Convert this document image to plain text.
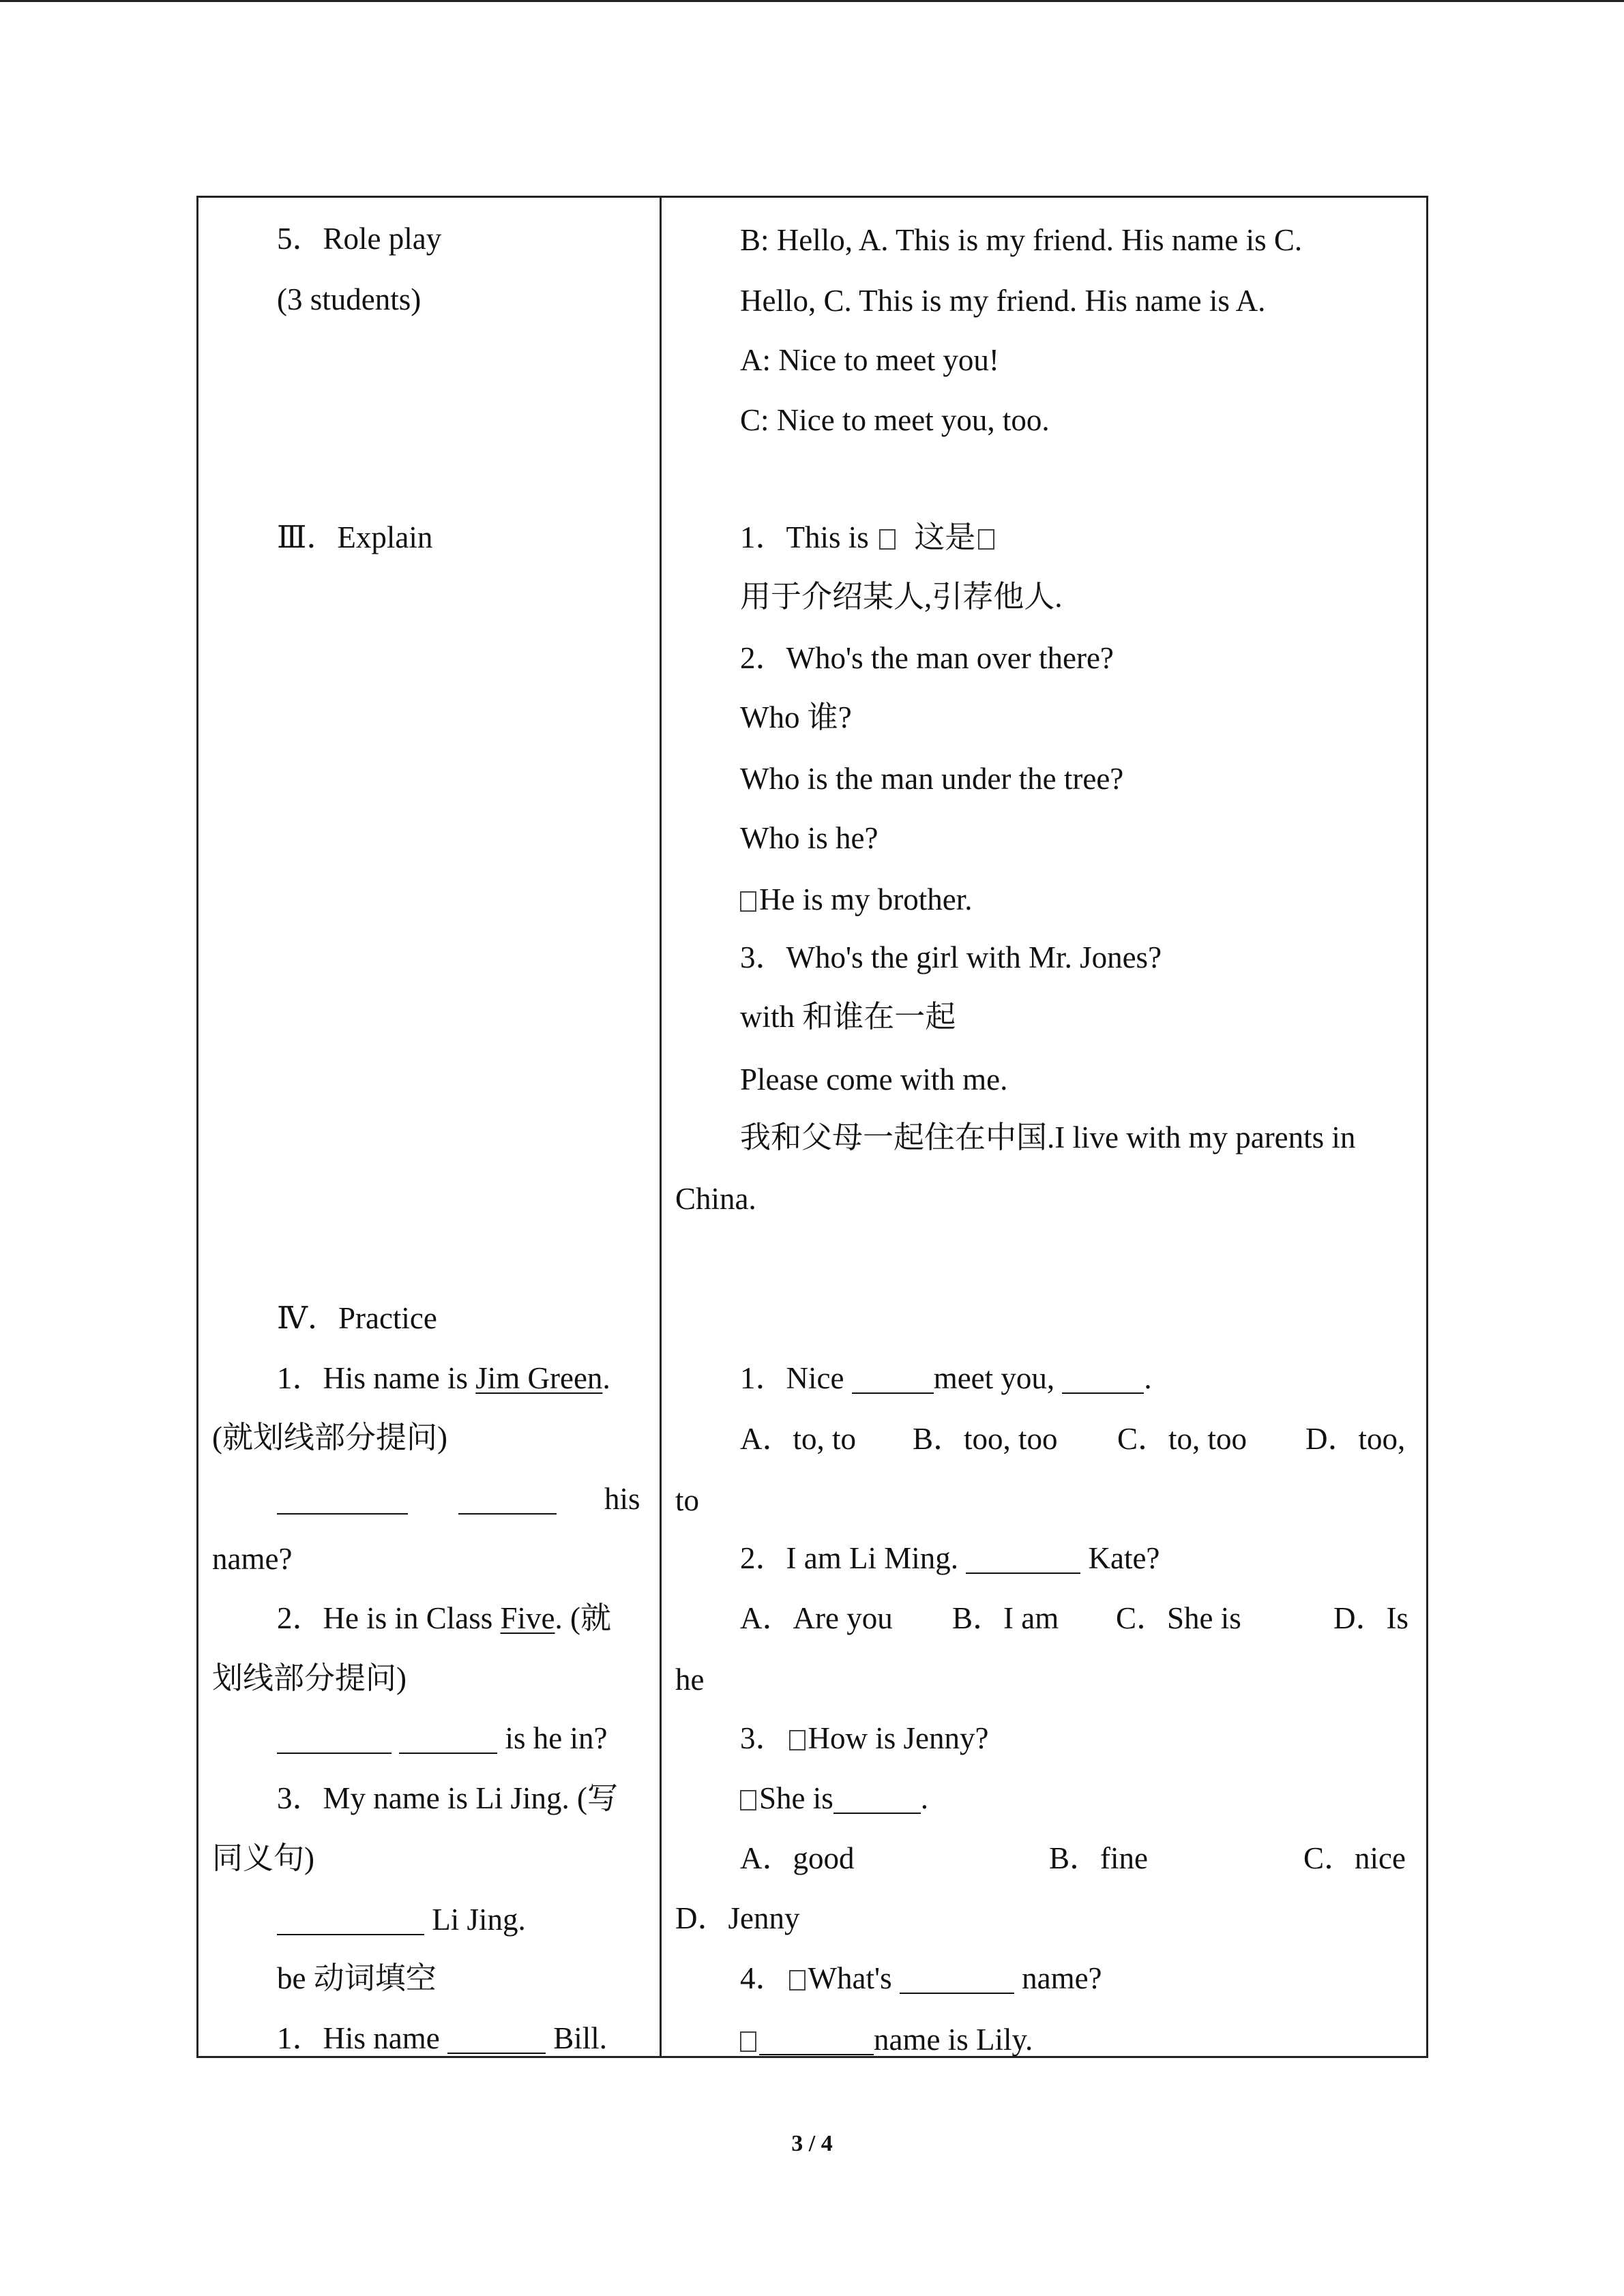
5．Role play
(3 students)
Ⅲ．Explain
Ⅳ．Practice
1．His name is Jim Green.
(就划线部分提问)
his
name?
2．He is in Class Five. (就
划线部分提问)
is he in?
3．My name is Li Jing. (写
同义句)
Li Jing.
be 动词填空
1．His name	Bill.
B: Hello, A. This is my friend. His name is C.
Hello, C. This is my friend. His name is A.
A: Nice to meet you!
C: Nice to meet you, too.
1．This is 这是
用于介绍某人,引荐他人.
2．Who's the man over there?
Who 谁?
Who is the man under the tree?
Who is he?
He is my brother.
3．Who's the girl with Mr. Jones?
with 和谁在一起
Please come with me.
我和父母一起住在中国.I live with my parents in
China.
1．Nice	meet you,	.
A．to, to B．too, too C．to, too D．too,
to
2．I am Li Ming.	Kate?
A．Are you B．I am C．She is	D．Is
he
3． How is Jenny?
She is	.
A．good	B．fine	C．nice
D．Jenny
4． What's	name?
name is Lily.
3 / 4
